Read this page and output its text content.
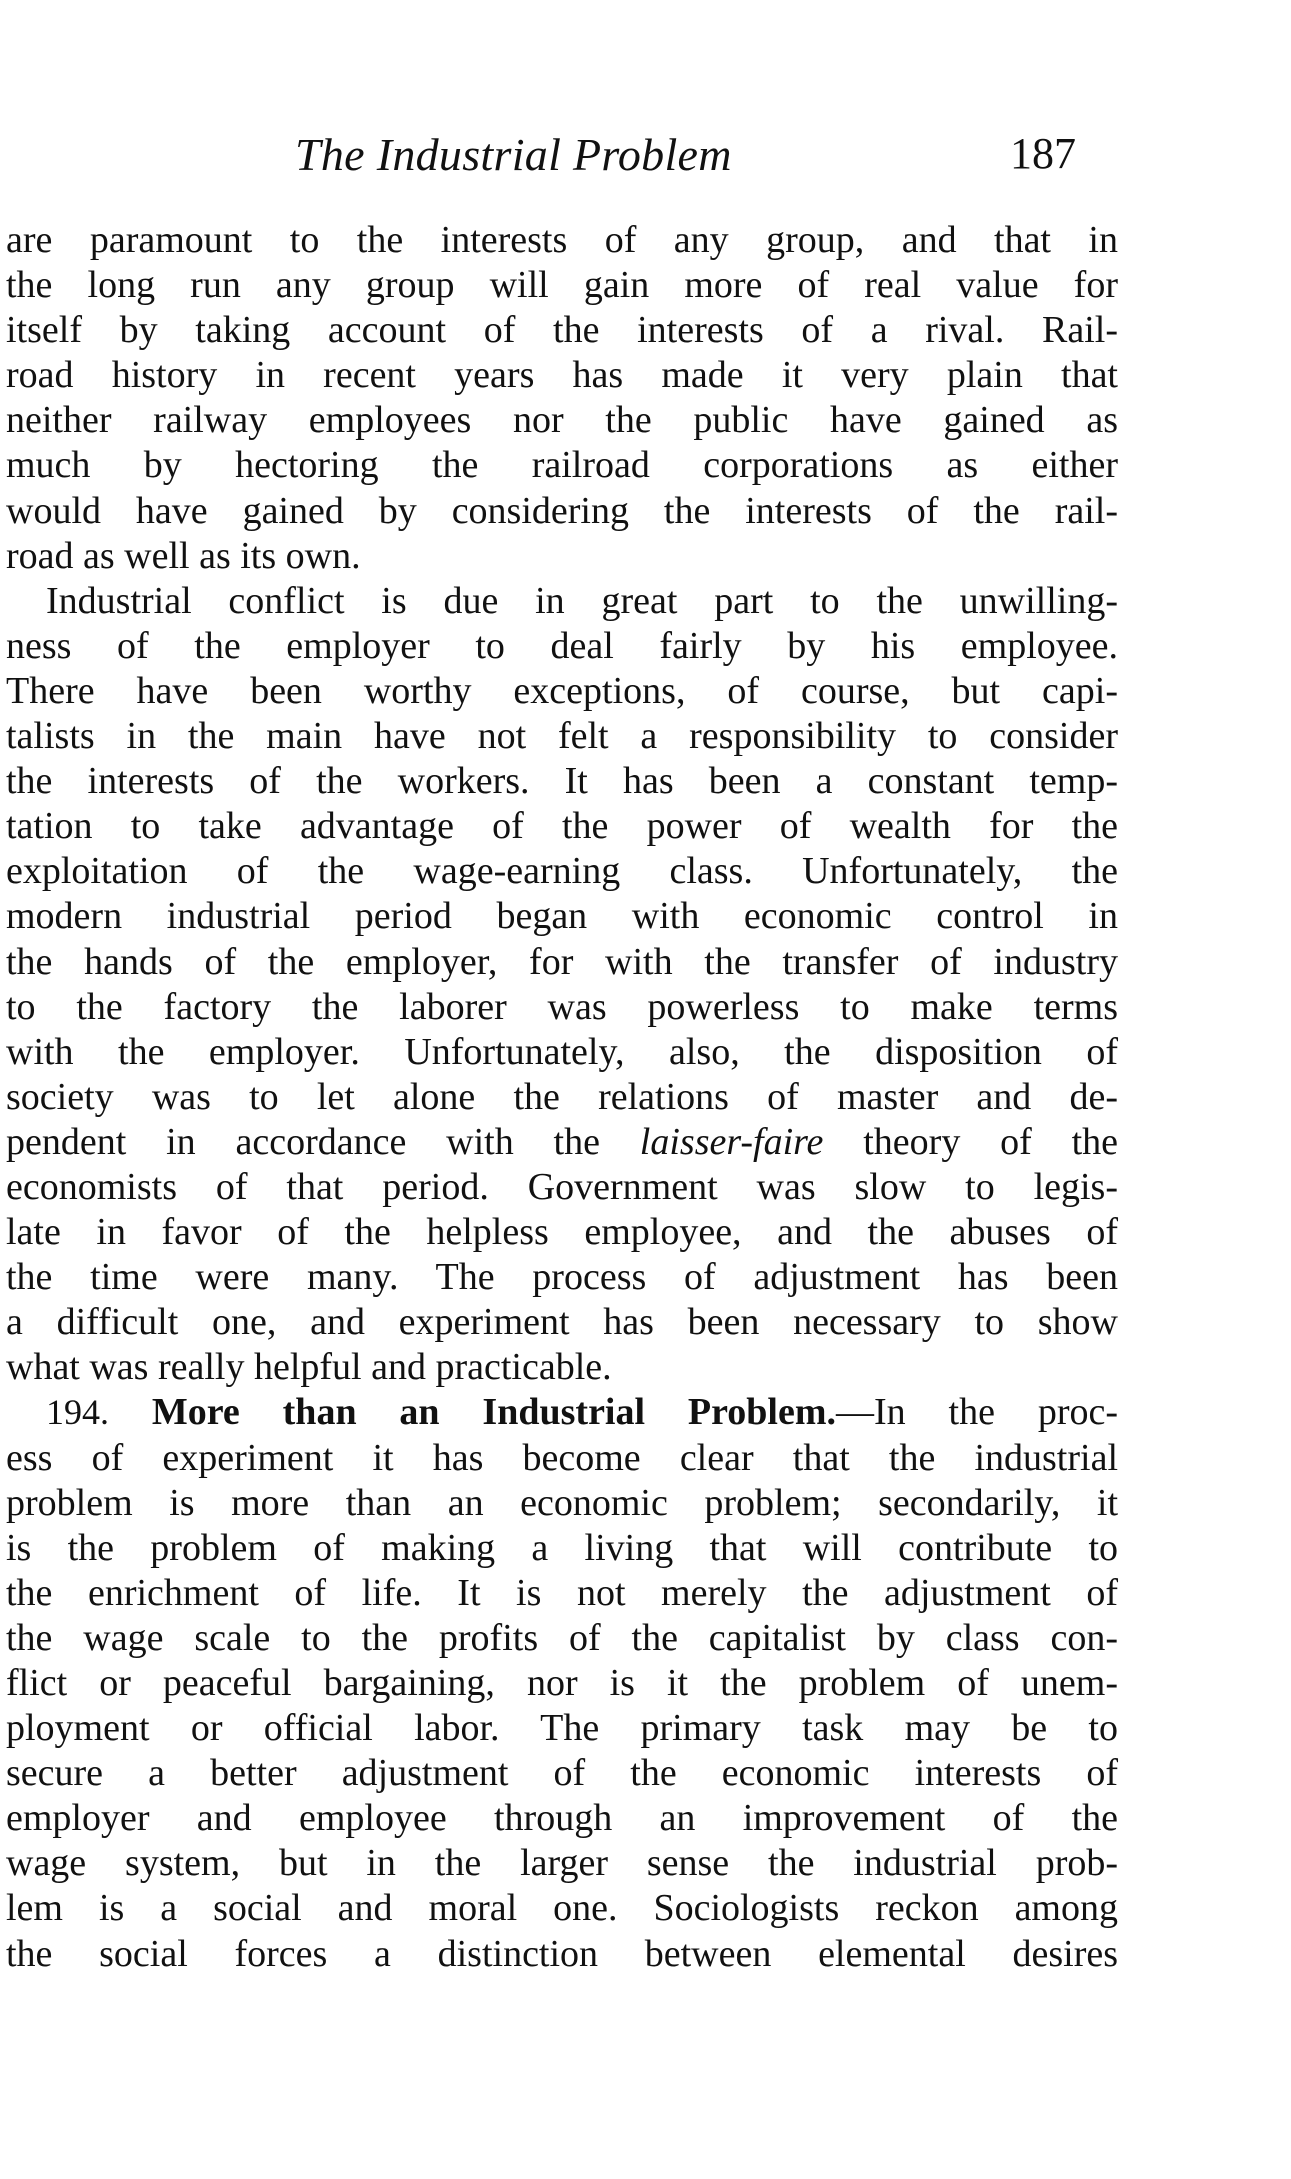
The Industrial Problem	187
are paramount to the interests of any group, and that in
the long run any group will gain more of real value for
itself by taking account of the interests of a rival. Rail-
road history in recent years has made it very plain that
neither railway employees nor the public have gained as
much by hectoring the railroad corporations as either
would have gained by considering the interests of the rail-
road as well as its own.
Industrial conflict is due in great part to the unwilling-
ness of the employer to deal fairly by his employee.
There have been worthy exceptions, of course, but capi-
talists in the main have not felt a responsibility to consider
the interests of the workers. It has been a constant temp-
tation to take advantage of the power of wealth for the
exploitation of the wage-earning class. Unfortunately, the
modern industrial period began with economic control in
the hands of the employer, for with the transfer of industry
to the factory the laborer was powerless to make terms
with the employer. Unfortunately, also, the disposition of
society was to let alone the relations of master and de-
pendent in accordance with the laisser-faire theory of the
economists of that period. Government was slow to legis-
late in favor of the helpless employee, and the abuses of
the time were many. The process of adjustment has been
a difficult one, and experiment has been necessary to show
what was really helpful and practicable.
194. More than an Industrial Problem.—In the proc-
ess of experiment it has become clear that the industrial
problem is more than an economic problem; secondarily, it
is the problem of making a living that will contribute to
the enrichment of life. It is not merely the adjustment of
the wage scale to the profits of the capitalist by class con-
flict or peaceful bargaining, nor is it the problem of unem-
ployment or official labor. The primary task may be to
secure a better adjustment of the economic interests of
employer and employee through an improvement of the
wage system, but in the larger sense the industrial prob-
lem is a social and moral one. Sociologists reckon among
the social forces a distinction between elemental desires
